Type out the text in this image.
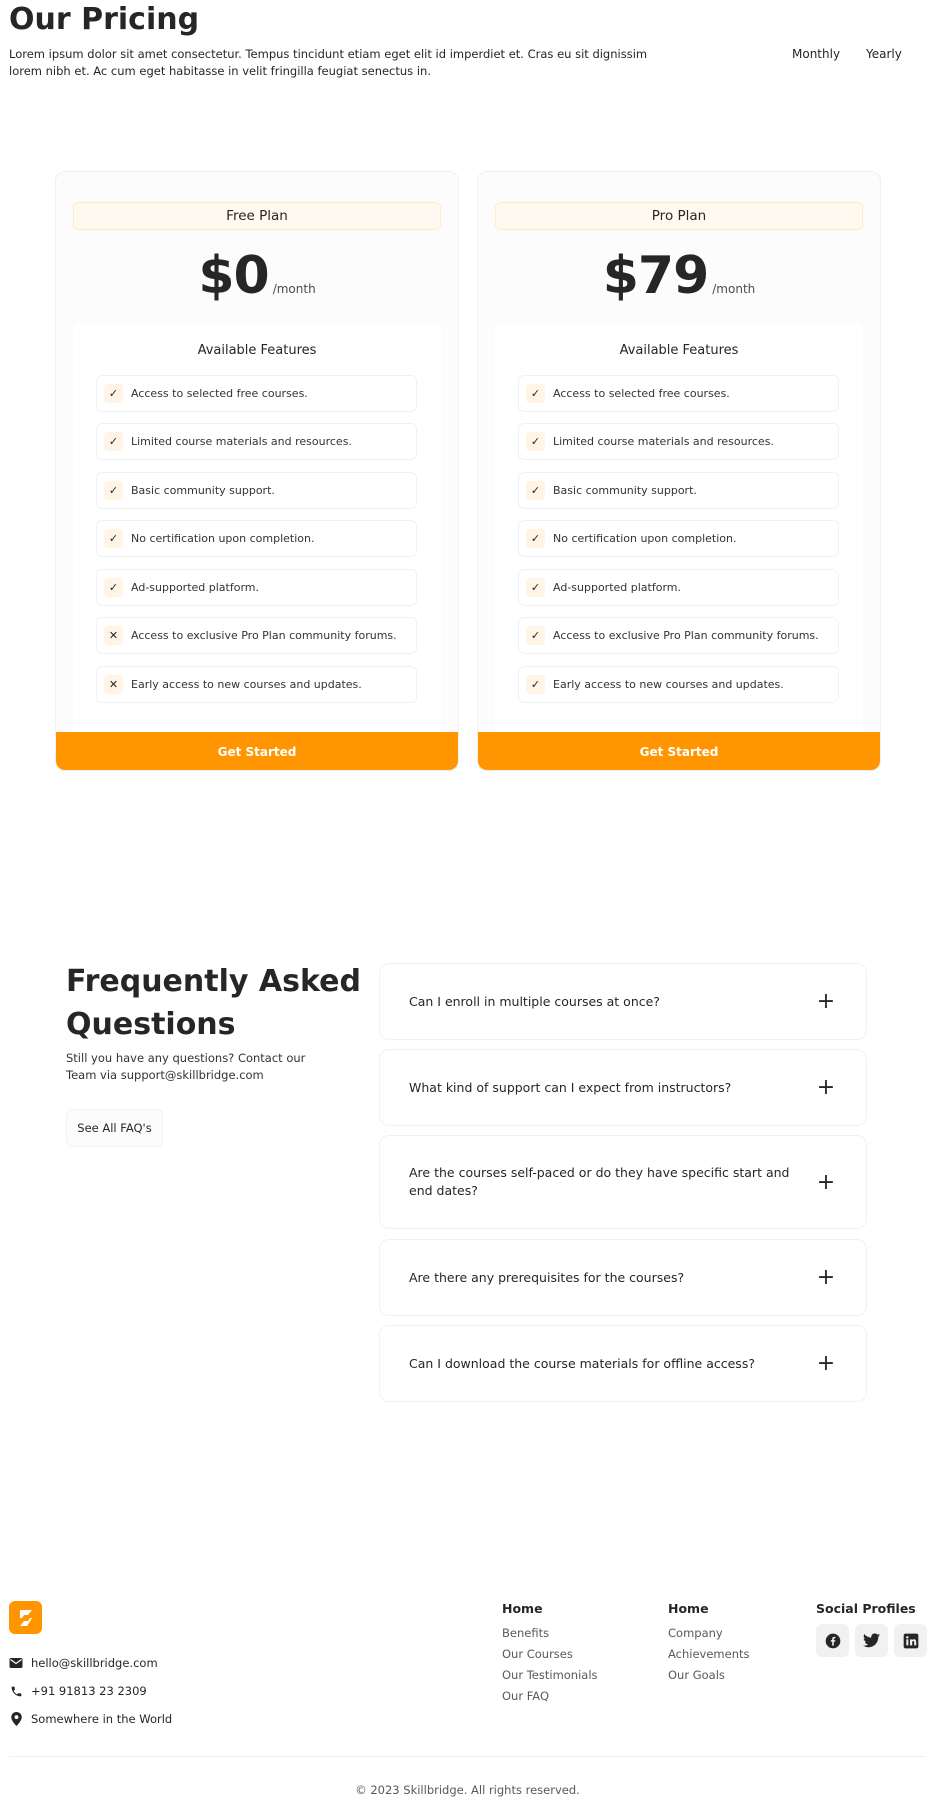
Our Pricing

Lorem ipsum dolor sit amet consectetur. Tempus tincidunt etiam eget elit id imperdiet et. Cras eu sit dignissim lorem nibh et. Ac cum eget habitasse in velit fringilla feugiat senectus in.

Monthly Yearly
Free Plan
$0 /month
Available Features
✓	Access to selected free courses.
✓	Limited course materials and resources.
✓	Basic community support.
✓	No certification upon completion.
✓	Ad-supported platform.
✕	Access to exclusive Pro Plan community forums.
✕	Early access to new courses and updates.
Get Started
Pro Plan
$79 /month
Available Features
✓	Access to selected free courses.
✓	Limited course materials and resources.
✓	Basic community support.
✓	No certification upon completion.
✓	Ad-supported platform.
✓	Access to exclusive Pro Plan community forums.
✓	Early access to new courses and updates.
Get Started
Frequently Asked Questions

Still you have any questions? Contact our Team via support@skillbridge.com

See All FAQ's
Can I enroll in multiple courses at once?	+
What kind of support can I expect from instructors?	+
Are the courses self-paced or do they have specific start and end dates?	+
Are there any prerequisites for the courses?	+
Can I download the course materials for offline access?	+
hello@skillbridge.com
+91 91813 23 2309
Somewhere in the World
Home
Benefits
Our Courses
Our Testimonials
Our FAQ
Home
Company
Achievements
Our Goals
Social Profiles
© 2023 Skillbridge. All rights reserved.
